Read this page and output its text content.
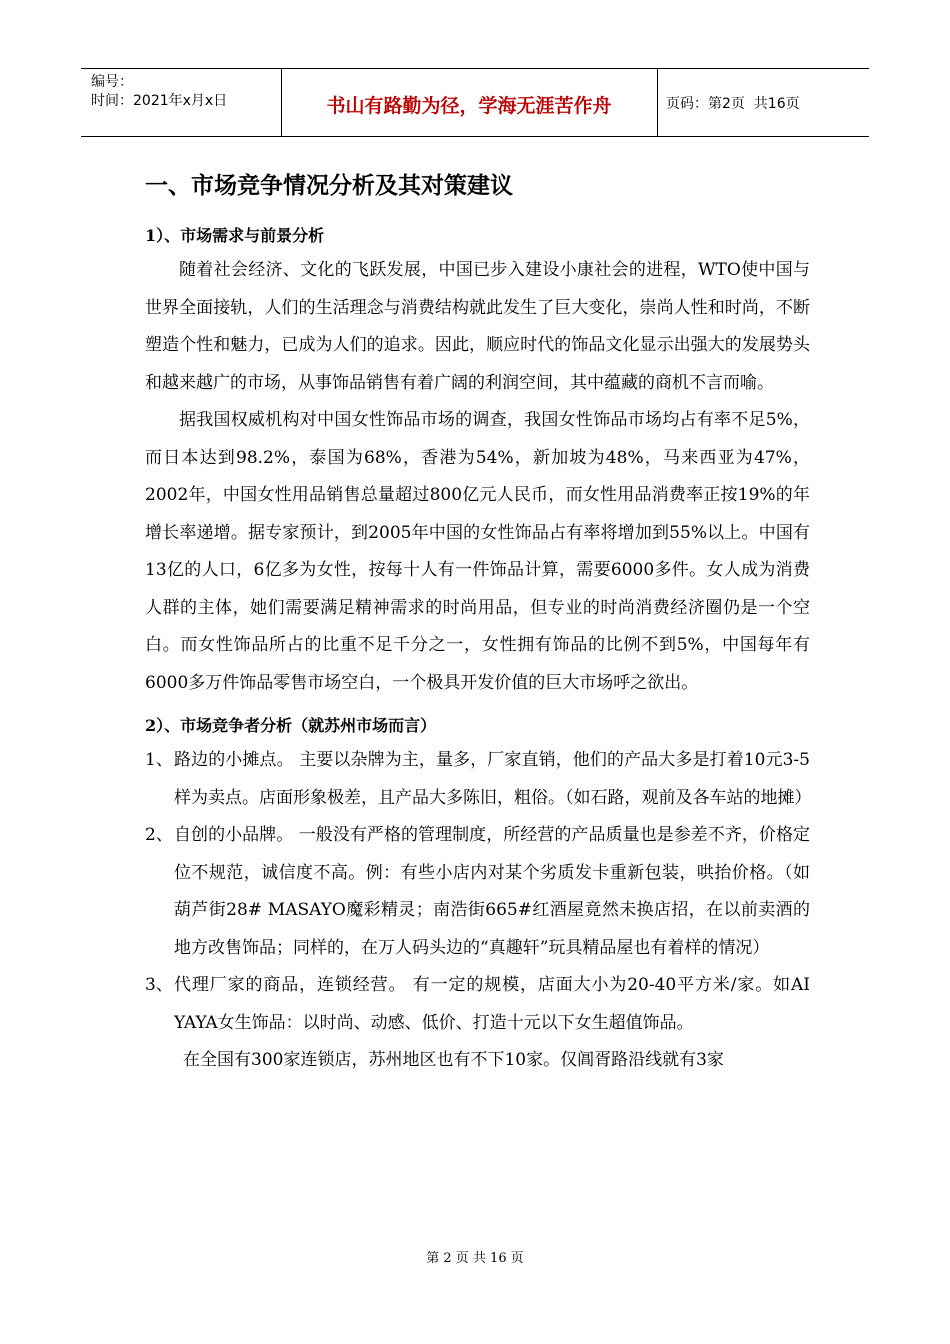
编号：
时间：2021年x月x日	书山有路勤为径，学海无涯苦作舟	页码：第2页  共16页
一、市场竞争情况分析及其对策建议
1）、市场需求与前景分析

随着社会经济、文化的飞跃发展，中国已步入建设小康社会的进程，WTO使中国与世界全面接轨，人们的生活理念与消费结构就此发生了巨大变化，崇尚人性和时尚，不断塑造个性和魅力，已成为人们的追求。因此，顺应时代的饰品文化显示出强大的发展势头和越来越广的市场，从事饰品销售有着广阔的利润空间，其中蕴藏的商机不言而喻。

据我国权威机构对中国女性饰品市场的调查，我国女性饰品市场均占有率不足5%，而日本达到98.2%，泰国为68%，香港为54%，新加坡为48%，马来西亚为47%，2002年，中国女性用品销售总量超过800亿元人民币，而女性用品消费率正按19%的年增长率递增。据专家预计，到2005年中国的女性饰品占有率将增加到55%以上。中国有13亿的人口，6亿多为女性，按每十人有一件饰品计算，需要6000多件。女人成为消费人群的主体，她们需要满足精神需求的时尚用品，但专业的时尚消费经济圈仍是一个空白。而女性饰品所占的比重不足千分之一，女性拥有饰品的比例不到5%，中国每年有6000多万件饰品零售市场空白，一个极具开发价值的巨大市场呼之欲出。

2）、市场竞争者分析（就苏州市场而言）
1、 路边的小摊点。 主要以杂牌为主，量多，厂家直销，他们的产品大多是打着10元3-5样为卖点。店面形象极差，且产品大多陈旧，粗俗。（如石路，观前及各车站的地摊）
2、 自创的小品牌。 一般没有严格的管理制度，所经营的产品质量也是参差不齐，价格定位不规范，诚信度不高。例：有些小店内对某个劣质发卡重新包装，哄抬价格。（如葫芦街28# MASAYO魔彩精灵；南浩街665#红酒屋竟然未换店招，在以前卖酒的地方改售饰品；同样的，在万人码头边的“真趣轩”玩具精品屋也有着样的情况）
3、 代理厂家的商品，连锁经营。 有一定的规模，店面大小为20-40平方米/家。如AI YAYA女生饰品：以时尚、动感、低价、打造十元以下女生超值饰品。
在全国有300家连锁店，苏州地区也有不下10家。仅阊胥路沿线就有3家
第 2 页 共 16 页
